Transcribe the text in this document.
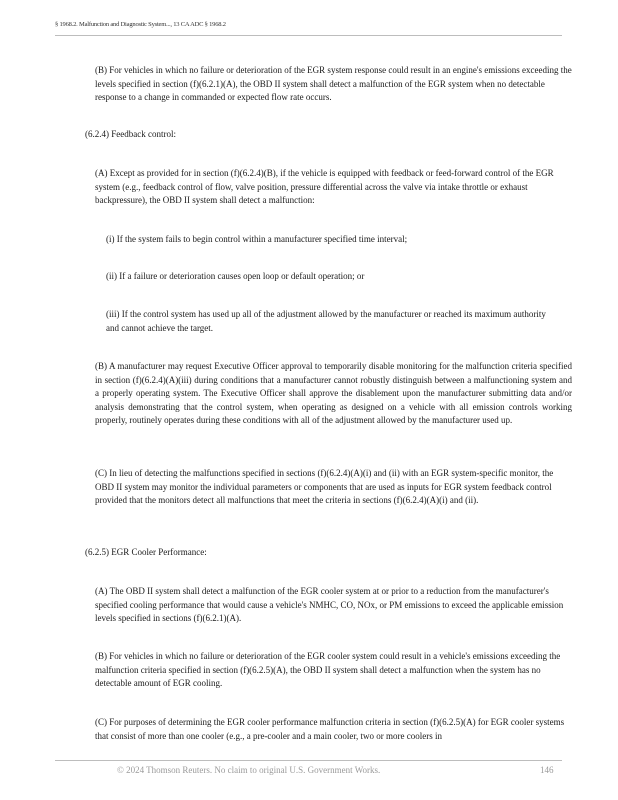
§ 1968.2. Malfunction and Diagnostic System..., 13 CA ADC § 1968.2

(B) For vehicles in which no failure or deterioration of the EGR system response could result in an engine's emissions exceeding the levels specified in section (f)(6.2.1)(A), the OBD II system shall detect a malfunction of the EGR system when no detectable response to a change in commanded or expected flow rate occurs.

(6.2.4) Feedback control:

(A) Except as provided for in section (f)(6.2.4)(B), if the vehicle is equipped with feedback or feed-forward control of the EGR system (e.g., feedback control of flow, valve position, pressure differential across the valve via intake throttle or exhaust backpressure), the OBD II system shall detect a malfunction:

(i) If the system fails to begin control within a manufacturer specified time interval;

(ii) If a failure or deterioration causes open loop or default operation; or

(iii) If the control system has used up all of the adjustment allowed by the manufacturer or reached its maximum authority and cannot achieve the target.

(B) A manufacturer may request Executive Officer approval to temporarily disable monitoring for the malfunction criteria specified in section (f)(6.2.4)(A)(iii) during conditions that a manufacturer cannot robustly distinguish between a malfunctioning system and a properly operating system. The Executive Officer shall approve the disablement upon the manufacturer submitting data and/or analysis demonstrating that the control system, when operating as designed on a vehicle with all emission controls working properly, routinely operates during these conditions with all of the adjustment allowed by the manufacturer used up.

(C) In lieu of detecting the malfunctions specified in sections (f)(6.2.4)(A)(i) and (ii) with an EGR system-specific monitor, the OBD II system may monitor the individual parameters or components that are used as inputs for EGR system feedback control provided that the monitors detect all malfunctions that meet the criteria in sections (f)(6.2.4)(A)(i) and (ii).

(6.2.5) EGR Cooler Performance:

(A) The OBD II system shall detect a malfunction of the EGR cooler system at or prior to a reduction from the manufacturer's specified cooling performance that would cause a vehicle's NMHC, CO, NOx, or PM emissions to exceed the applicable emission levels specified in sections (f)(6.2.1)(A).

(B) For vehicles in which no failure or deterioration of the EGR cooler system could result in a vehicle's emissions exceeding the malfunction criteria specified in section (f)(6.2.5)(A), the OBD II system shall detect a malfunction when the system has no detectable amount of EGR cooling.

(C) For purposes of determining the EGR cooler performance malfunction criteria in section (f)(6.2.5)(A) for EGR cooler systems that consist of more than one cooler (e.g., a pre-cooler and a main cooler, two or more coolers in

© 2024 Thomson Reuters. No claim to original U.S. Government Works.	146
